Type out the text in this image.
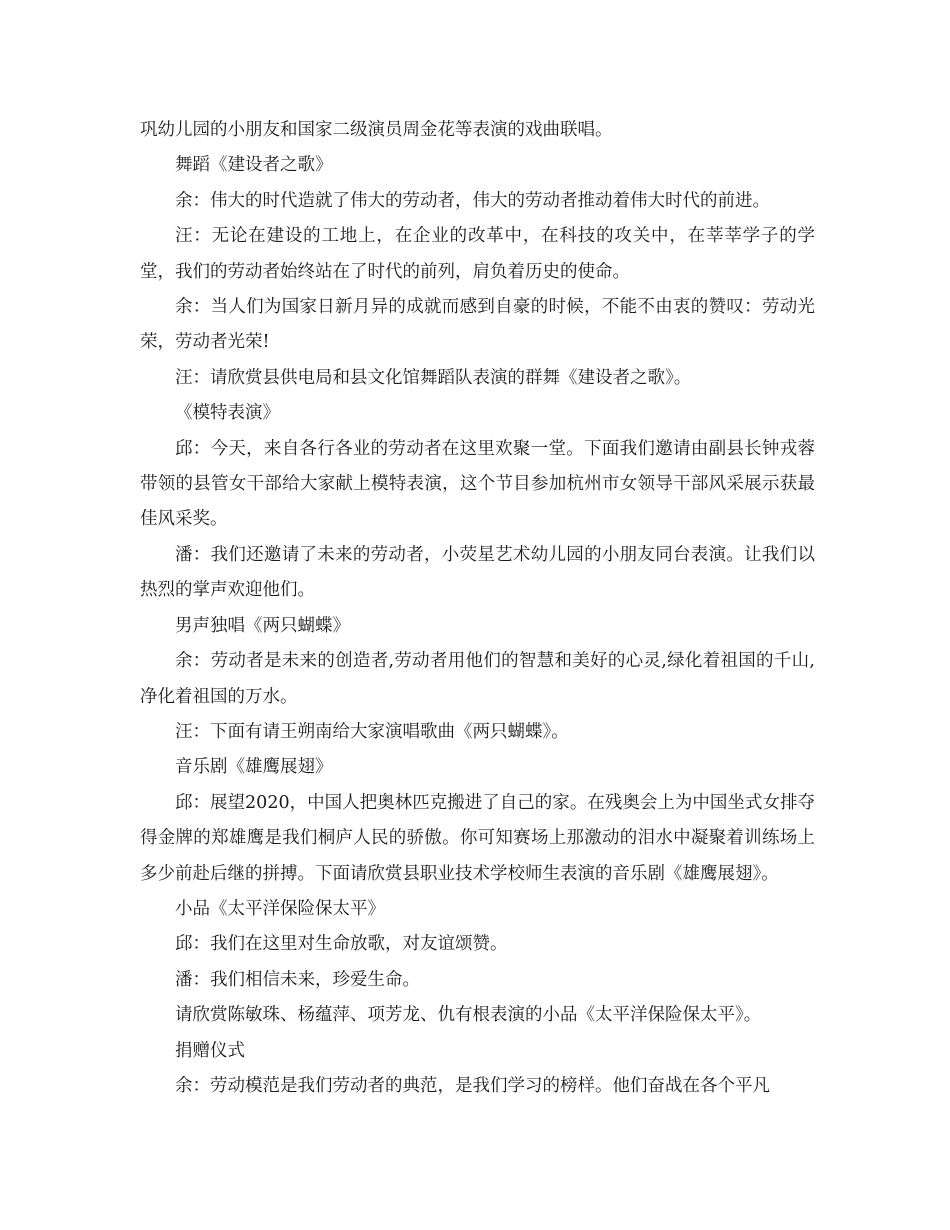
巩幼儿园的小朋友和国家二级演员周金花等表演的戏曲联唱。

舞蹈《建设者之歌》

余：伟大的时代造就了伟大的劳动者，伟大的劳动者推动着伟大时代的前进。

汪：无论在建设的工地上，在企业的改革中，在科技的攻关中，在莘莘学子的学堂，我们的劳动者始终站在了时代的前列，肩负着历史的使命。

余：当人们为国家日新月异的成就而感到自豪的时候，不能不由衷的赞叹：劳动光荣，劳动者光荣!

汪：请欣赏县供电局和县文化馆舞蹈队表演的群舞《建设者之歌》。

《模特表演》

邱：今天，来自各行各业的劳动者在这里欢聚一堂。下面我们邀请由副县长钟戎蓉带领的县管女干部给大家献上模特表演，这个节目参加杭州市女领导干部风采展示获最佳风采奖。

潘：我们还邀请了未来的劳动者，小荧星艺术幼儿园的小朋友同台表演。让我们以热烈的掌声欢迎他们。

男声独唱《两只蝴蝶》

余：劳动者是未来的创造者,劳动者用他们的智慧和美好的心灵,绿化着祖国的千山,净化着祖国的万水。

汪：下面有请王朔南给大家演唱歌曲《两只蝴蝶》。

音乐剧《雄鹰展翅》

邱：展望2020，中国人把奥林匹克搬进了自己的家。在残奥会上为中国坐式女排夺得金牌的郑雄鹰是我们桐庐人民的骄傲。你可知赛场上那激动的泪水中凝聚着训练场上多少前赴后继的拼搏。下面请欣赏县职业技术学校师生表演的音乐剧《雄鹰展翅》。

小品《太平洋保险保太平》

邱：我们在这里对生命放歌，对友谊颂赞。

潘：我们相信未来，珍爱生命。

请欣赏陈敏珠、杨蕴萍、项芳龙、仇有根表演的小品《太平洋保险保太平》。

捐赠仪式

余：劳动模范是我们劳动者的典范，是我们学习的榜样。他们奋战在各个平凡
